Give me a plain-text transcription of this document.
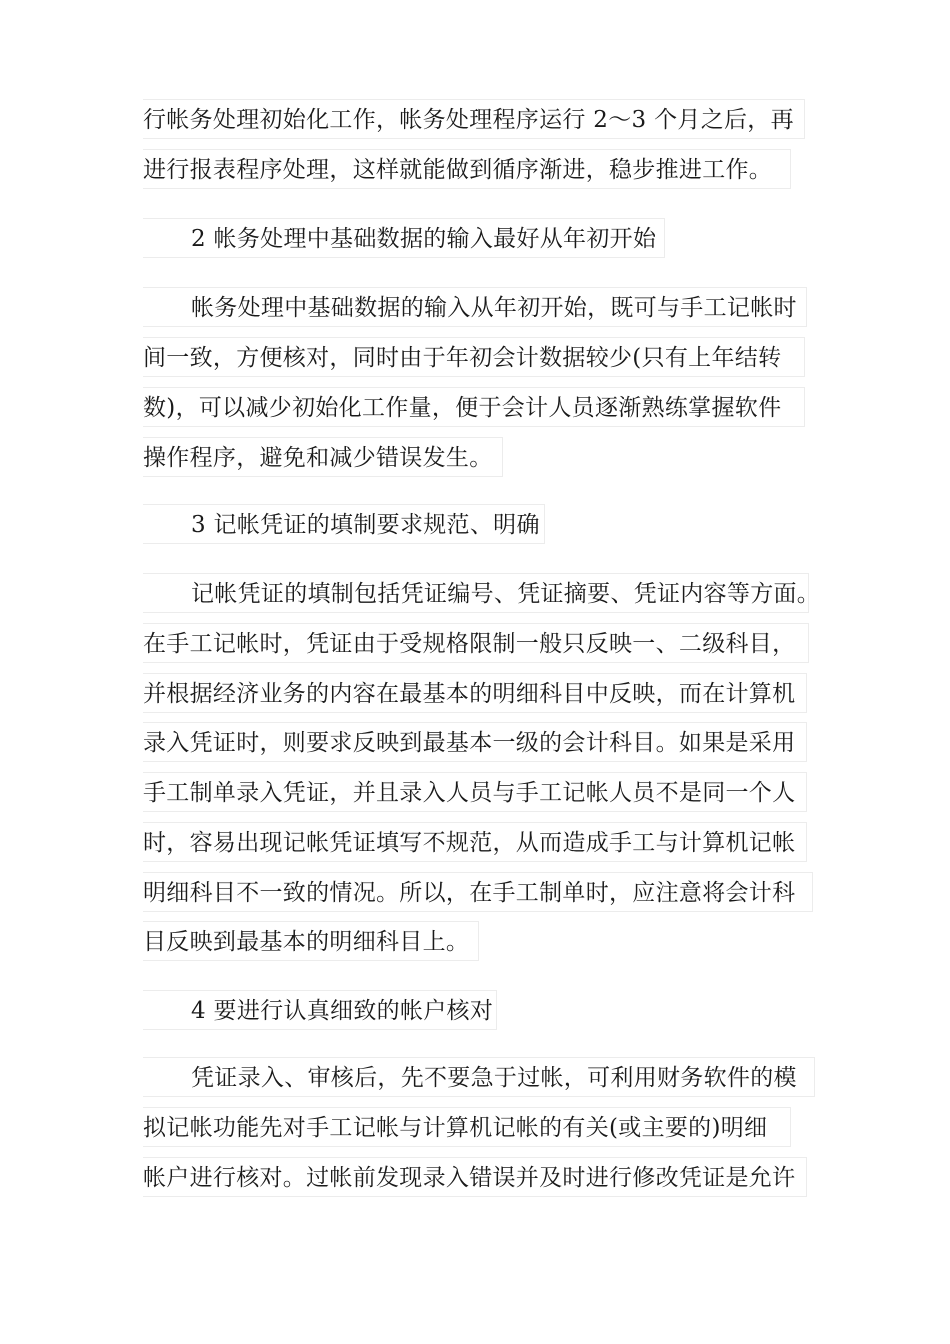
行帐务处理初始化工作，帐务处理程序运行 2～3 个月之后，再
进行报表程序处理，这样就能做到循序渐进，稳步推进工作。
2 帐务处理中基础数据的输入最好从年初开始
帐务处理中基础数据的输入从年初开始，既可与手工记帐时
间一致，方便核对，同时由于年初会计数据较少(只有上年结转
数)，可以减少初始化工作量，便于会计人员逐渐熟练掌握软件
操作程序，避免和减少错误发生。
3 记帐凭证的填制要求规范、明确
记帐凭证的填制包括凭证编号、凭证摘要、凭证内容等方面。
在手工记帐时，凭证由于受规格限制一般只反映一、二级科目，
并根据经济业务的内容在最基本的明细科目中反映，而在计算机
录入凭证时，则要求反映到最基本一级的会计科目。如果是采用
手工制单录入凭证，并且录入人员与手工记帐人员不是同一个人
时，容易出现记帐凭证填写不规范，从而造成手工与计算机记帐
明细科目不一致的情况。所以，在手工制单时，应注意将会计科
目反映到最基本的明细科目上。
4 要进行认真细致的帐户核对
凭证录入、审核后，先不要急于过帐，可利用财务软件的模
拟记帐功能先对手工记帐与计算机记帐的有关(或主要的)明细
帐户进行核对。过帐前发现录入错误并及时进行修改凭证是允许
